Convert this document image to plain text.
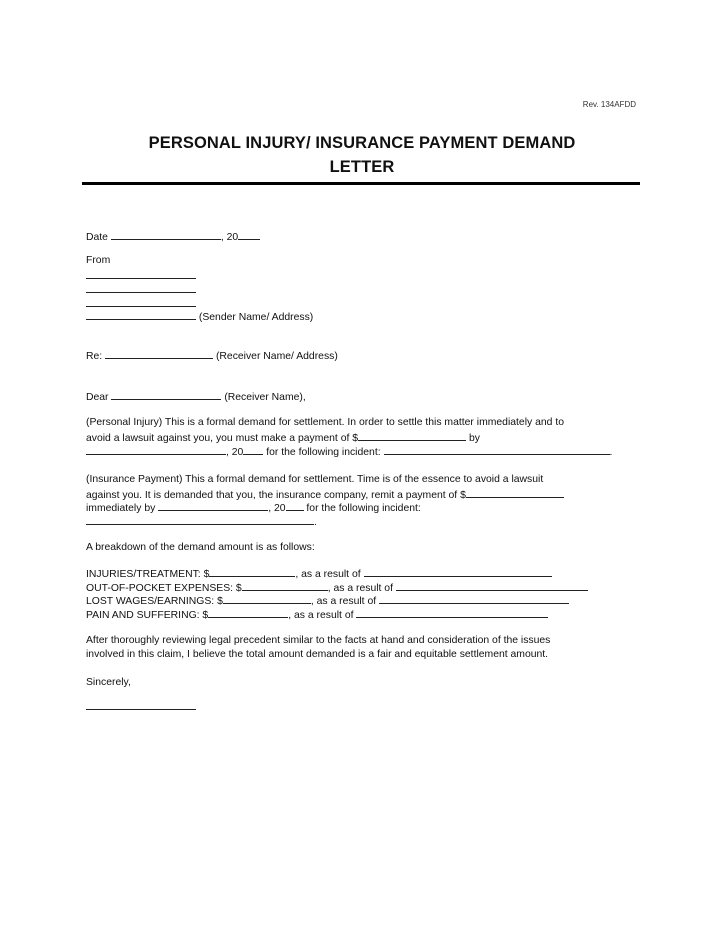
Rev. 134AFDD
PERSONAL INJURY/ INSURANCE PAYMENT DEMAND
LETTER
Date	, 20
From
(Sender Name/ Address)
Re:	(Receiver Name/ Address)
Dear	(Receiver Name),
(Personal Injury) This is a formal demand for settlement. In order to settle this matter immediately and to
avoid a lawsuit against you, you must make a payment of $	by
, 20 for the following incident:	.
(Insurance Payment) This a formal demand for settlement. Time is of the essence to avoid a lawsuit
against you. It is demanded that you, the insurance company, remit a payment of $
immediately by	, 20 for the following incident:
.
A breakdown of the demand amount is as follows:
INJURIES/TREATMENT: $	, as a result of
OUT-OF-POCKET EXPENSES: $	, as a result of
LOST WAGES/EARNINGS: $	, as a result of
PAIN AND SUFFERING: $	, as a result of
After thoroughly reviewing legal precedent similar to the facts at hand and consideration of the issues
involved in this claim, I believe the total amount demanded is a fair and equitable settlement amount.
Sincerely,
